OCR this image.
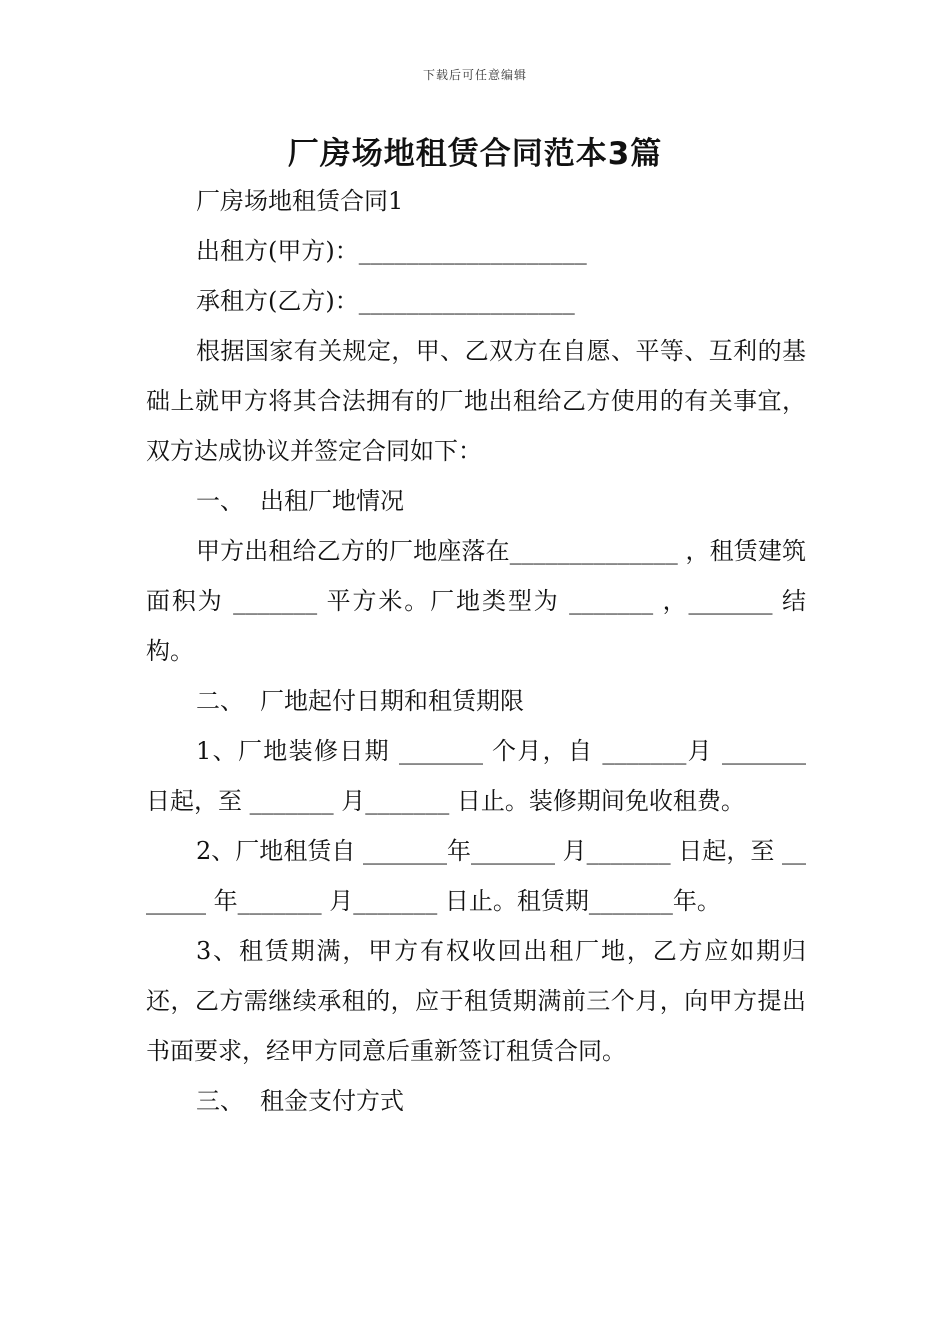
下载后可任意编辑
厂房场地租赁合同范本3篇

厂房场地租赁合同1

出租方(甲方)：___________________

承租方(乙方)：__________________

根据国家有关规定，甲、乙双方在自愿、平等、互利的基础上就甲方将其合法拥有的厂地出租给乙方使用的有关事宜，双方达成协议并签定合同如下：

一、 出租厂地情况

甲方出租给乙方的厂地座落在______________ ，租赁建筑面积为 _______ 平方米。厂地类型为 _______ ，_______ 结构。

二、 厂地起付日期和租赁期限

1、厂地装修日期 _______ 个月，自 _______月 _______ 日起，至 _______ 月_______ 日止。装修期间免收租费。

2、厂地租赁自 _______年_______ 月_______ 日起，至 _______ 年_______ 月_______ 日止。租赁期_______年。

3、租赁期满，甲方有权收回出租厂地，乙方应如期归还，乙方需继续承租的，应于租赁期满前三个月，向甲方提出书面要求，经甲方同意后重新签订租赁合同。

三、 租金支付方式
